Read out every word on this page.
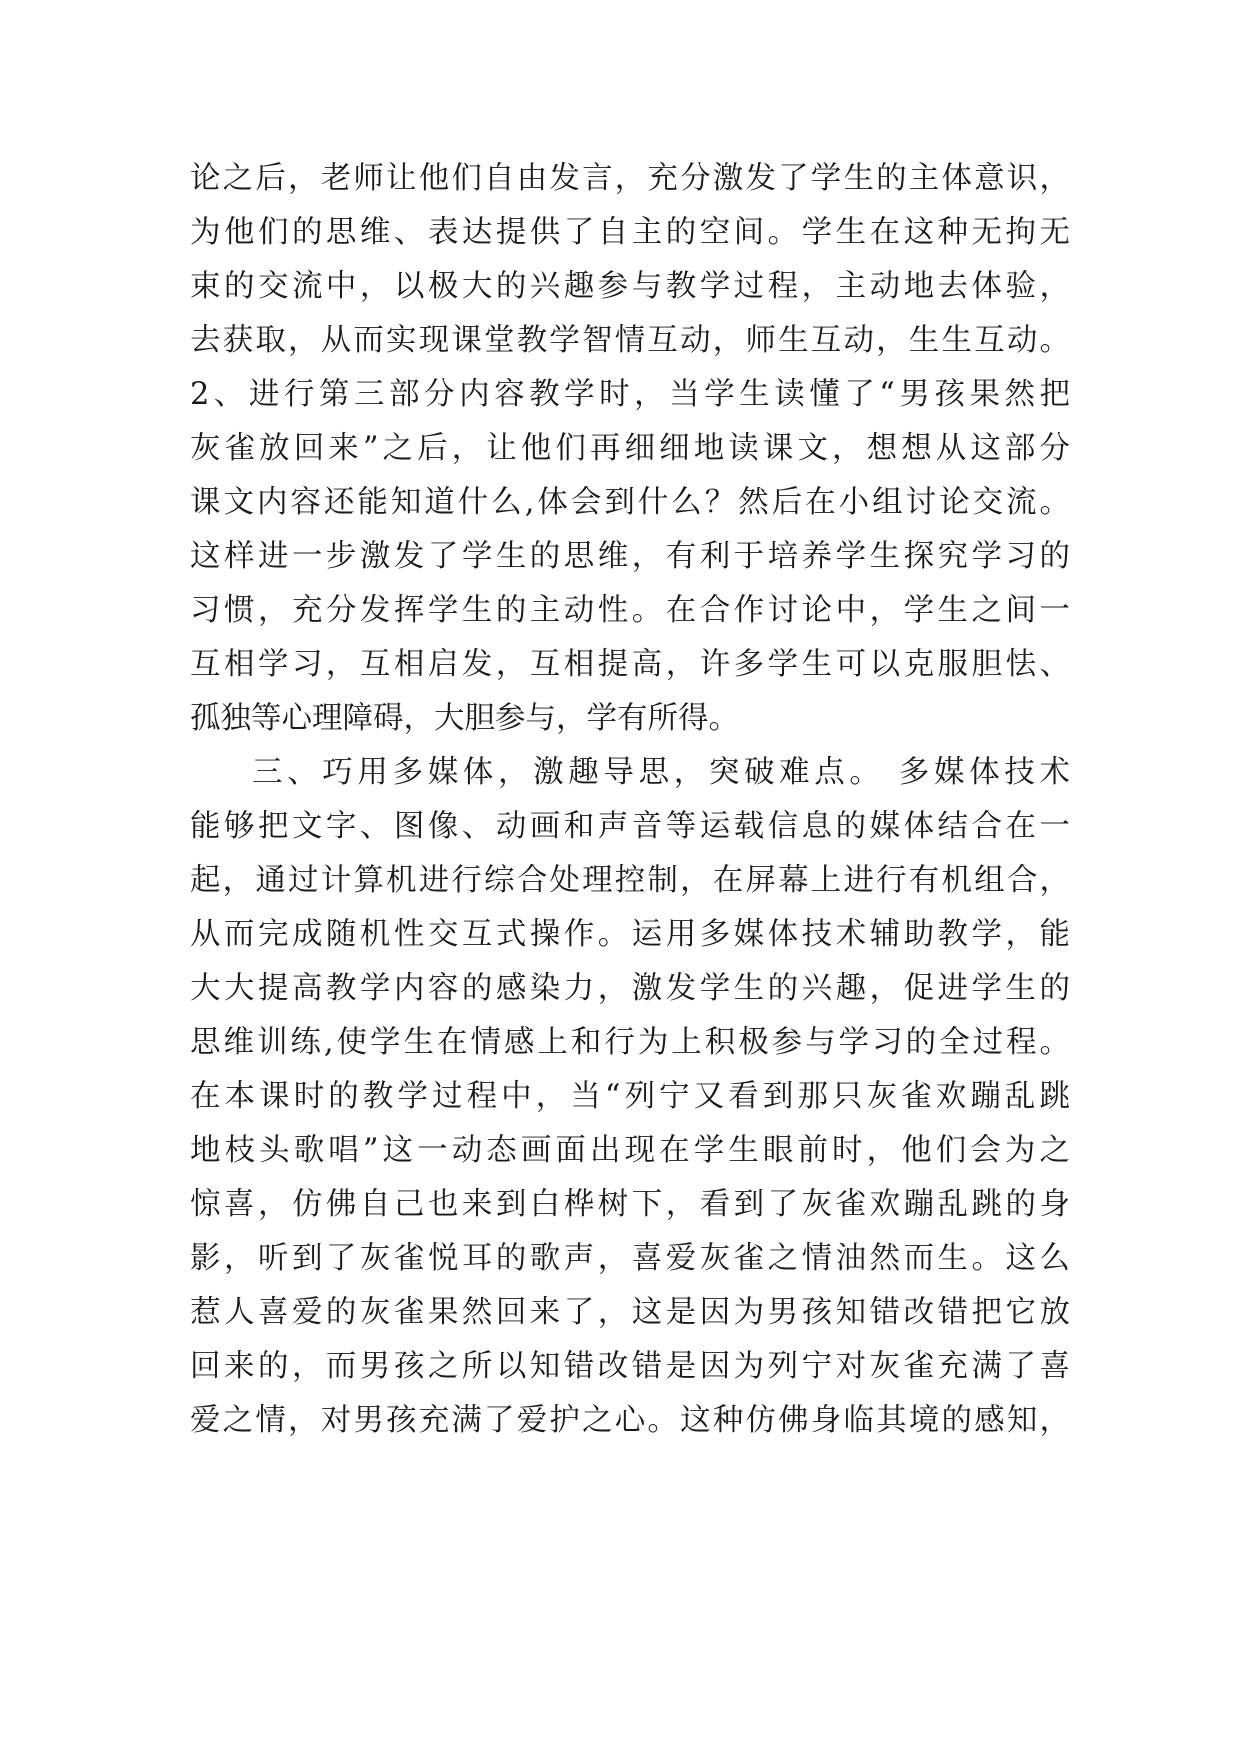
论之后，老师让他们自由发言，充分激发了学生的主体意识，
为他们的思维、表达提供了自主的空间。学生在这种无拘无
束的交流中，以极大的兴趣参与教学过程，主动地去体验，
去获取，从而实现课堂教学智情互动，师生互动，生生互动。
2、进行第三部分内容教学时，当学生读懂了“男孩果然把
灰雀放回来”之后，让他们再细细地读课文，想想从这部分
课文内容还能知道什么,体会到什么？然后在小组讨论交流。
这样进一步激发了学生的思维，有利于培养学生探究学习的
习惯，充分发挥学生的主动性。在合作讨论中，学生之间一
互相学习，互相启发，互相提高，许多学生可以克服胆怯、
孤独等心理障碍，大胆参与，学有所得。
三、巧用多媒体，激趣导思，突破难点。 多媒体技术
能够把文字、图像、动画和声音等运载信息的媒体结合在一
起，通过计算机进行综合处理控制，在屏幕上进行有机组合，
从而完成随机性交互式操作。运用多媒体技术辅助教学，能
大大提高教学内容的感染力，激发学生的兴趣，促进学生的
思维训练,使学生在情感上和行为上积极参与学习的全过程。
在本课时的教学过程中，当“列宁又看到那只灰雀欢蹦乱跳
地枝头歌唱”这一动态画面出现在学生眼前时，他们会为之
惊喜，仿佛自己也来到白桦树下，看到了灰雀欢蹦乱跳的身
影，听到了灰雀悦耳的歌声，喜爱灰雀之情油然而生。这么
惹人喜爱的灰雀果然回来了，这是因为男孩知错改错把它放
回来的，而男孩之所以知错改错是因为列宁对灰雀充满了喜
爱之情，对男孩充满了爱护之心。这种仿佛身临其境的感知，
